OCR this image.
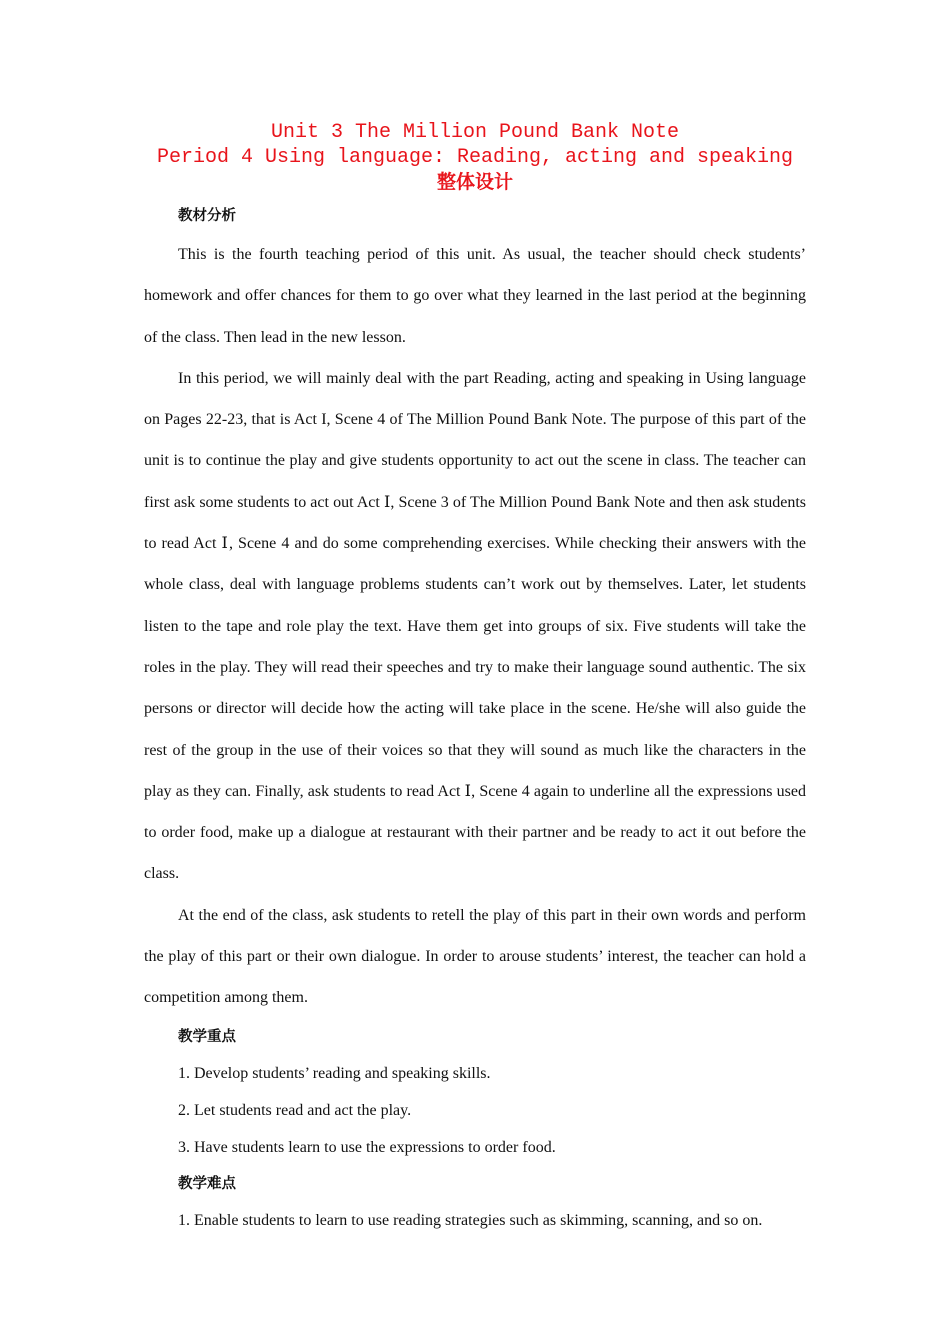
Unit 3 The Million Pound Bank Note
Period 4 Using language: Reading, acting and speaking
整体设计
教材分析

This is the fourth teaching period of this unit. As usual, the teacher should check students’ homework and offer chances for them to go over what they learned in the last period at the beginning of the class. Then lead in the new lesson.

In this period, we will mainly deal with the part Reading, acting and speaking in Using language on Pages 22-23, that is Act I, Scene 4 of The Million Pound Bank Note. The purpose of this part of the unit is to continue the play and give students opportunity to act out the scene in class. The teacher can first ask some students to act out Act Ⅰ, Scene 3 of The Million Pound Bank Note and then ask students to read Act Ⅰ, Scene 4 and do some comprehending exercises. While checking their answers with the whole class, deal with language problems students can’t work out by themselves. Later, let students listen to the tape and role play the text. Have them get into groups of six. Five students will take the roles in the play. They will read their speeches and try to make their language sound authentic. The six persons or director will decide how the acting will take place in the scene. He/she will also guide the rest of the group in the use of their voices so that they will sound as much like the characters in the play as they can. Finally, ask students to read Act Ⅰ, Scene 4 again to underline all the expressions used to order food, make up a dialogue at restaurant with their partner and be ready to act it out before the class.

At the end of the class, ask students to retell the play of this part in their own words and perform the play of this part or their own dialogue. In order to arouse students’ interest, the teacher can hold a competition among them.

教学重点
1. Develop students’ reading and speaking skills.
2. Let students read and act the play.
3. Have students learn to use the expressions to order food.
教学难点
1. Enable students to learn to use reading strategies such as skimming, scanning, and so on.
